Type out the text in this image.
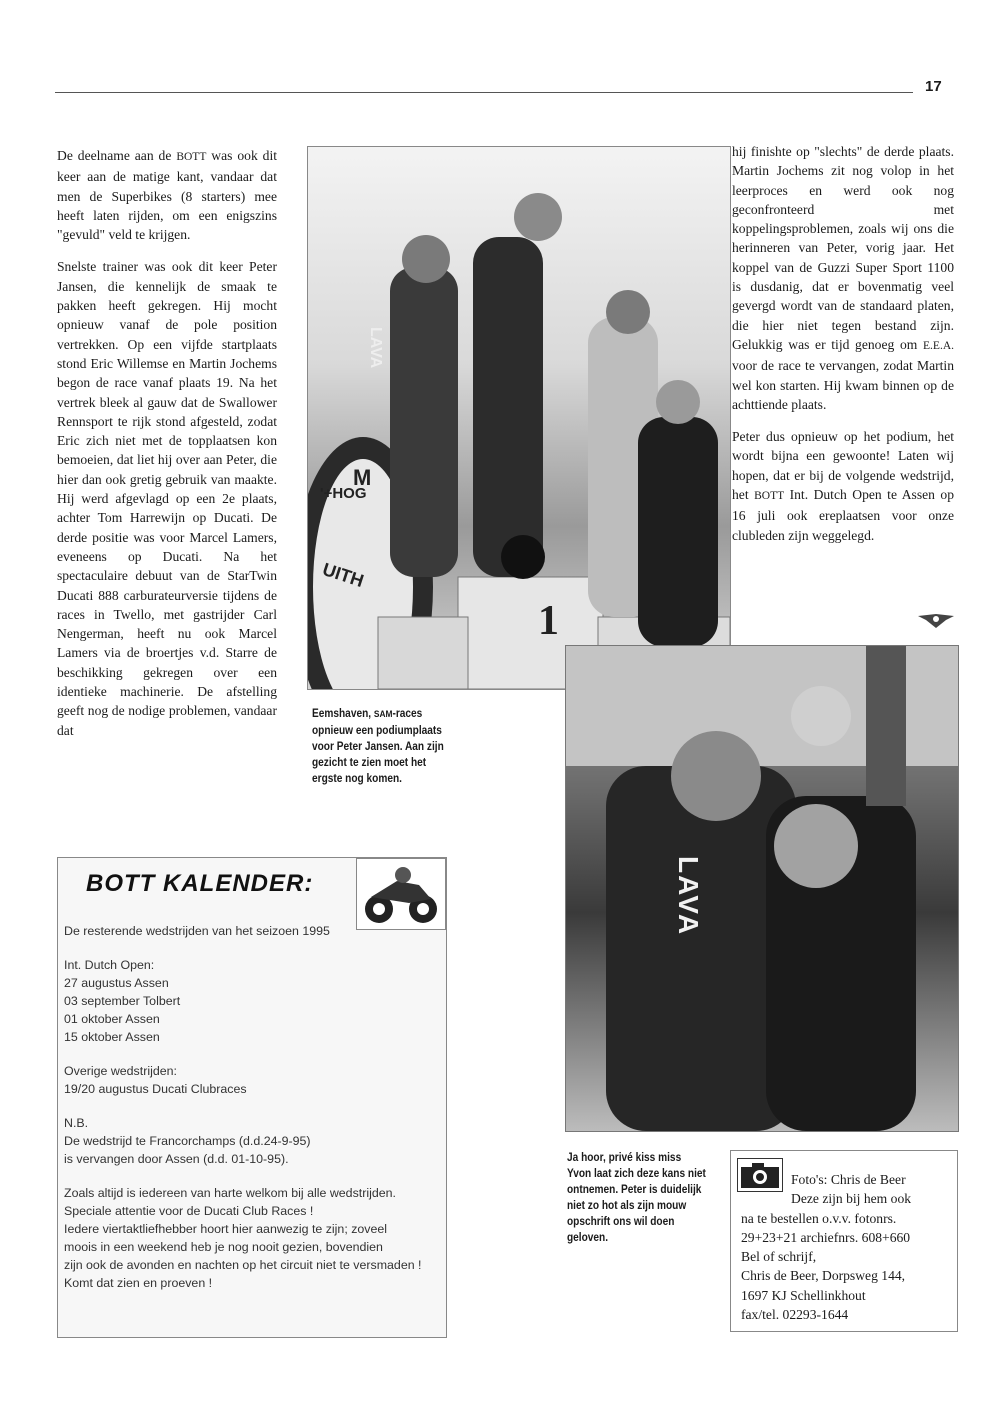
17

De deelname aan de BOTT was ook dit keer aan de matige kant, vandaar dat men de Superbikes (8 starters) mee heeft laten rijden, om een enigszins "gevuld" veld te krijgen.

Snelste trainer was ook dit keer Peter Jansen, die kennelijk de smaak te pakken heeft gekregen. Hij mocht opnieuw vanaf de pole position vertrekken. Op een vijfde startplaats stond Eric Willemse en Martin Jochems begon de race vanaf plaats 19. Na het vertrek bleek al gauw dat de Swallower Rennsport te rijk stond afgesteld, zodat Eric zich niet met de topplaatsen kon bemoeien, dat liet hij over aan Peter, die hier dan ook gretig gebruik van maakte. Hij werd afgevlagd op een 2e plaats, achter Tom Harrewijn op Ducati. De derde positie was voor Marcel Lamers, eveneens op Ducati. Na het spectaculaire debuut van de StarTwin Ducati 888 carburateurversie tijdens de races in Twello, met gastrijder Carl Nengerman, heeft nu ook Marcel Lamers via de broertjes v.d. Starre de beschikking gekregen over een identieke machinerie. De afstelling geeft nog de nodige problemen, vandaar dat

1
M
'+HOG
UITH
LAVA
Eemshaven, SAM-races opnieuw een podiumplaats voor Peter Jansen. Aan zijn gezicht te zien moet het ergste nog komen.

hij finishte op "slechts" de derde plaats. Martin Jochems zit nog volop in het leerproces en werd ook nog geconfronteerd met koppelingsproblemen, zoals wij ons die herinneren van Peter, vorig jaar. Het koppel van de Guzzi Super Sport 1100 is dusdanig, dat er bovenmatig veel gevergd wordt van de standaard platen, die hier niet tegen bestand zijn. Gelukkig was er tijd genoeg om E.E.A. voor de race te vervangen, zodat Martin wel kon starten. Hij kwam binnen op de achttiende plaats.

Peter dus opnieuw op het podium, het wordt bijna een gewoonte! Laten wij hopen, dat er bij de volgende wedstrijd, het BOTT Int. Dutch Open te Assen op 16 juli ook ereplaatsen voor onze clubleden zijn weggelegd.

LAVA
Ja hoor, privé kiss miss Yvon laat zich deze kans niet ontnemen. Peter is duidelijk niet zo hot als zijn mouw opschrift ons wil doen geloven.
BOTT KALENDER:

De resterende wedstrijden van het seizoen 1995

Int. Dutch Open:
27 augustus Assen
03 september Tolbert
01 oktober Assen
15 oktober Assen

Overige wedstrijden:
19/20 augustus Ducati Clubraces

N.B.
De wedstrijd te Francorchamps (d.d.24-9-95)
is vervangen door Assen (d.d. 01-10-95).

Zoals altijd is iedereen van harte welkom bij alle wedstrijden.
Speciale attentie voor de Ducati Club Races !
Iedere viertaktliefhebber hoort hier aanwezig te zijn; zoveel
moois in een weekend heb je nog nooit gezien, bovendien
zijn ook de avonden en nachten op het circuit niet te versmaden ! Komt dat zien en proeven !

Foto's: Chris de Beer
Deze zijn bij hem ook
na te bestellen o.v.v. fotonrs.
29+23+21 archiefnrs. 608+660
Bel of schrijf,
Chris de Beer, Dorpsweg 144,
1697 KJ Schellinkhout
fax/tel. 02293-1644
